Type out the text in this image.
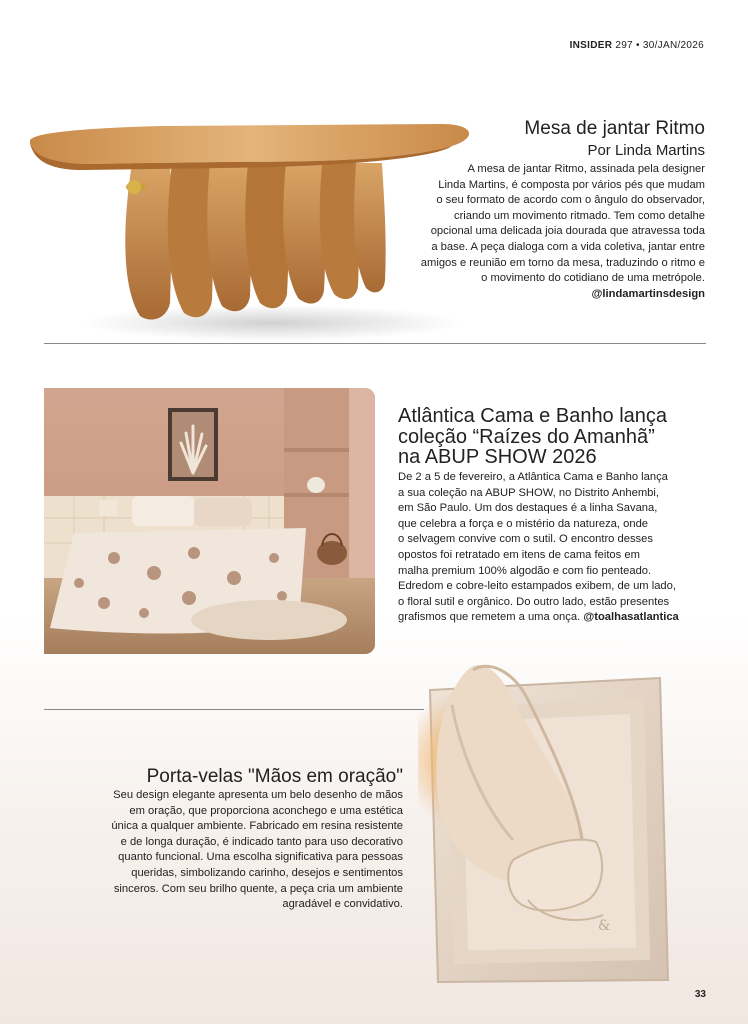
INSIDER 297 • 30/JAN/2026
Mesa de jantar Ritmo
Por Linda Martins
A mesa de jantar Ritmo, assinada pela designer
Linda Martins, é composta por vários pés que mudam
o seu formato de acordo com o ângulo do observador,
criando um movimento ritmado. Tem como detalhe
opcional uma delicada joia dourada que atravessa toda
a base. A peça dialoga com a vida coletiva, jantar entre
amigos e reunião em torno da mesa, traduzindo o ritmo e
o movimento do cotidiano de uma metrópole.
@lindamartinsdesign
Atlântica Cama e Banho lança
coleção “Raízes do Amanhã”
na ABUP SHOW 2026
De 2 a 5 de fevereiro, a Atlântica Cama e Banho lança
a sua coleção na ABUP SHOW, no Distrito Anhembi,
em São Paulo. Um dos destaques é a linha Savana,
que celebra a força e o mistério da natureza, onde
o selvagem convive com o sutil. O encontro desses
opostos foi retratado em itens de cama feitos em
malha premium 100% algodão e com fio penteado.
Edredom e cobre-leito estampados exibem, de um lado,
o floral sutil e orgânico. Do outro lado, estão presentes
grafismos que remetem a uma onça. @toalhasatlantica
&
Porta-velas "Mãos em oração"
Seu design elegante apresenta um belo desenho de mãos
em oração, que proporciona aconchego e uma estética
única a qualquer ambiente. Fabricado em resina resistente
e de longa duração, é indicado tanto para uso decorativo
quanto funcional. Uma escolha significativa para pessoas
queridas, simbolizando carinho, desejos e sentimentos
sinceros. Com seu brilho quente, a peça cria um ambiente
agradável e convidativo.
33
